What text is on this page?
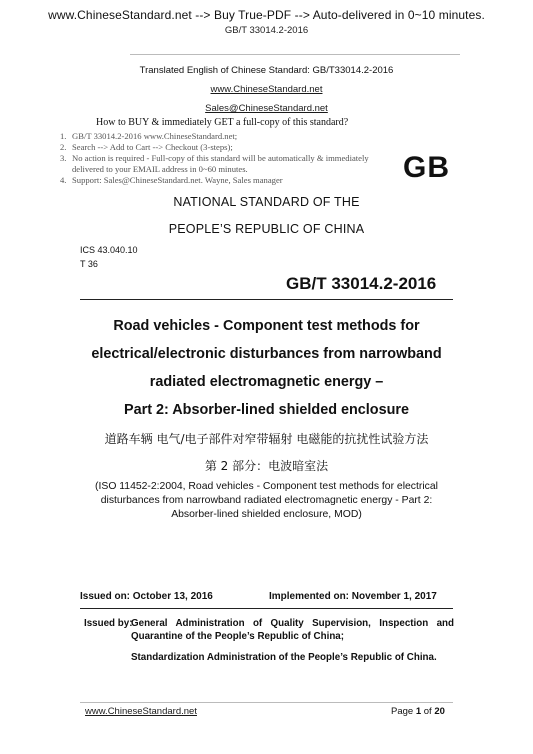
www.ChineseStandard.net --> Buy True-PDF --> Auto-delivered in 0~10 minutes.
GB/T 33014.2-2016
Translated English of Chinese Standard: GB/T33014.2-2016
www.ChineseStandard.net
Sales@ChineseStandard.net
How to BUY & immediately GET a full-copy of this standard?
1. GB/T 33014.2-2016 www.ChineseStandard.net;
2. Search --> Add to Cart --> Checkout (3-steps);
3. No action is required - Full-copy of this standard will be automatically & immediately delivered to your EMAIL address in 0~60 minutes.
4. Support: Sales@ChineseStandard.net. Wayne, Sales manager	GB
NATIONAL STANDARD OF THE
PEOPLE’S REPUBLIC OF CHINA
ICS 43.040.10
T 36
GB/T 33014.2-2016
Road vehicles - Component test methods for
electrical/electronic disturbances from narrowband
radiated electromagnetic energy –
Part 2: Absorber-lined shielded enclosure
道路车辆 电气/电子部件对窄带辐射 电磁能的抗扰性试验方法
第 2 部分：电波暗室法
(ISO 11452-2:2004, Road vehicles - Component test methods for electrical
disturbances from narrowband radiated electromagnetic energy - Part 2:
Absorber-lined shielded enclosure, MOD)
Issued on: October 13, 2016	Implemented on: November 1, 2017
Issued by:

General Administration of Quality Supervision, Inspection and Quarantine of the People’s Republic of China;

Standardization Administration of the People’s Republic of China.

www.ChineseStandard.net	Page 1 of 20
